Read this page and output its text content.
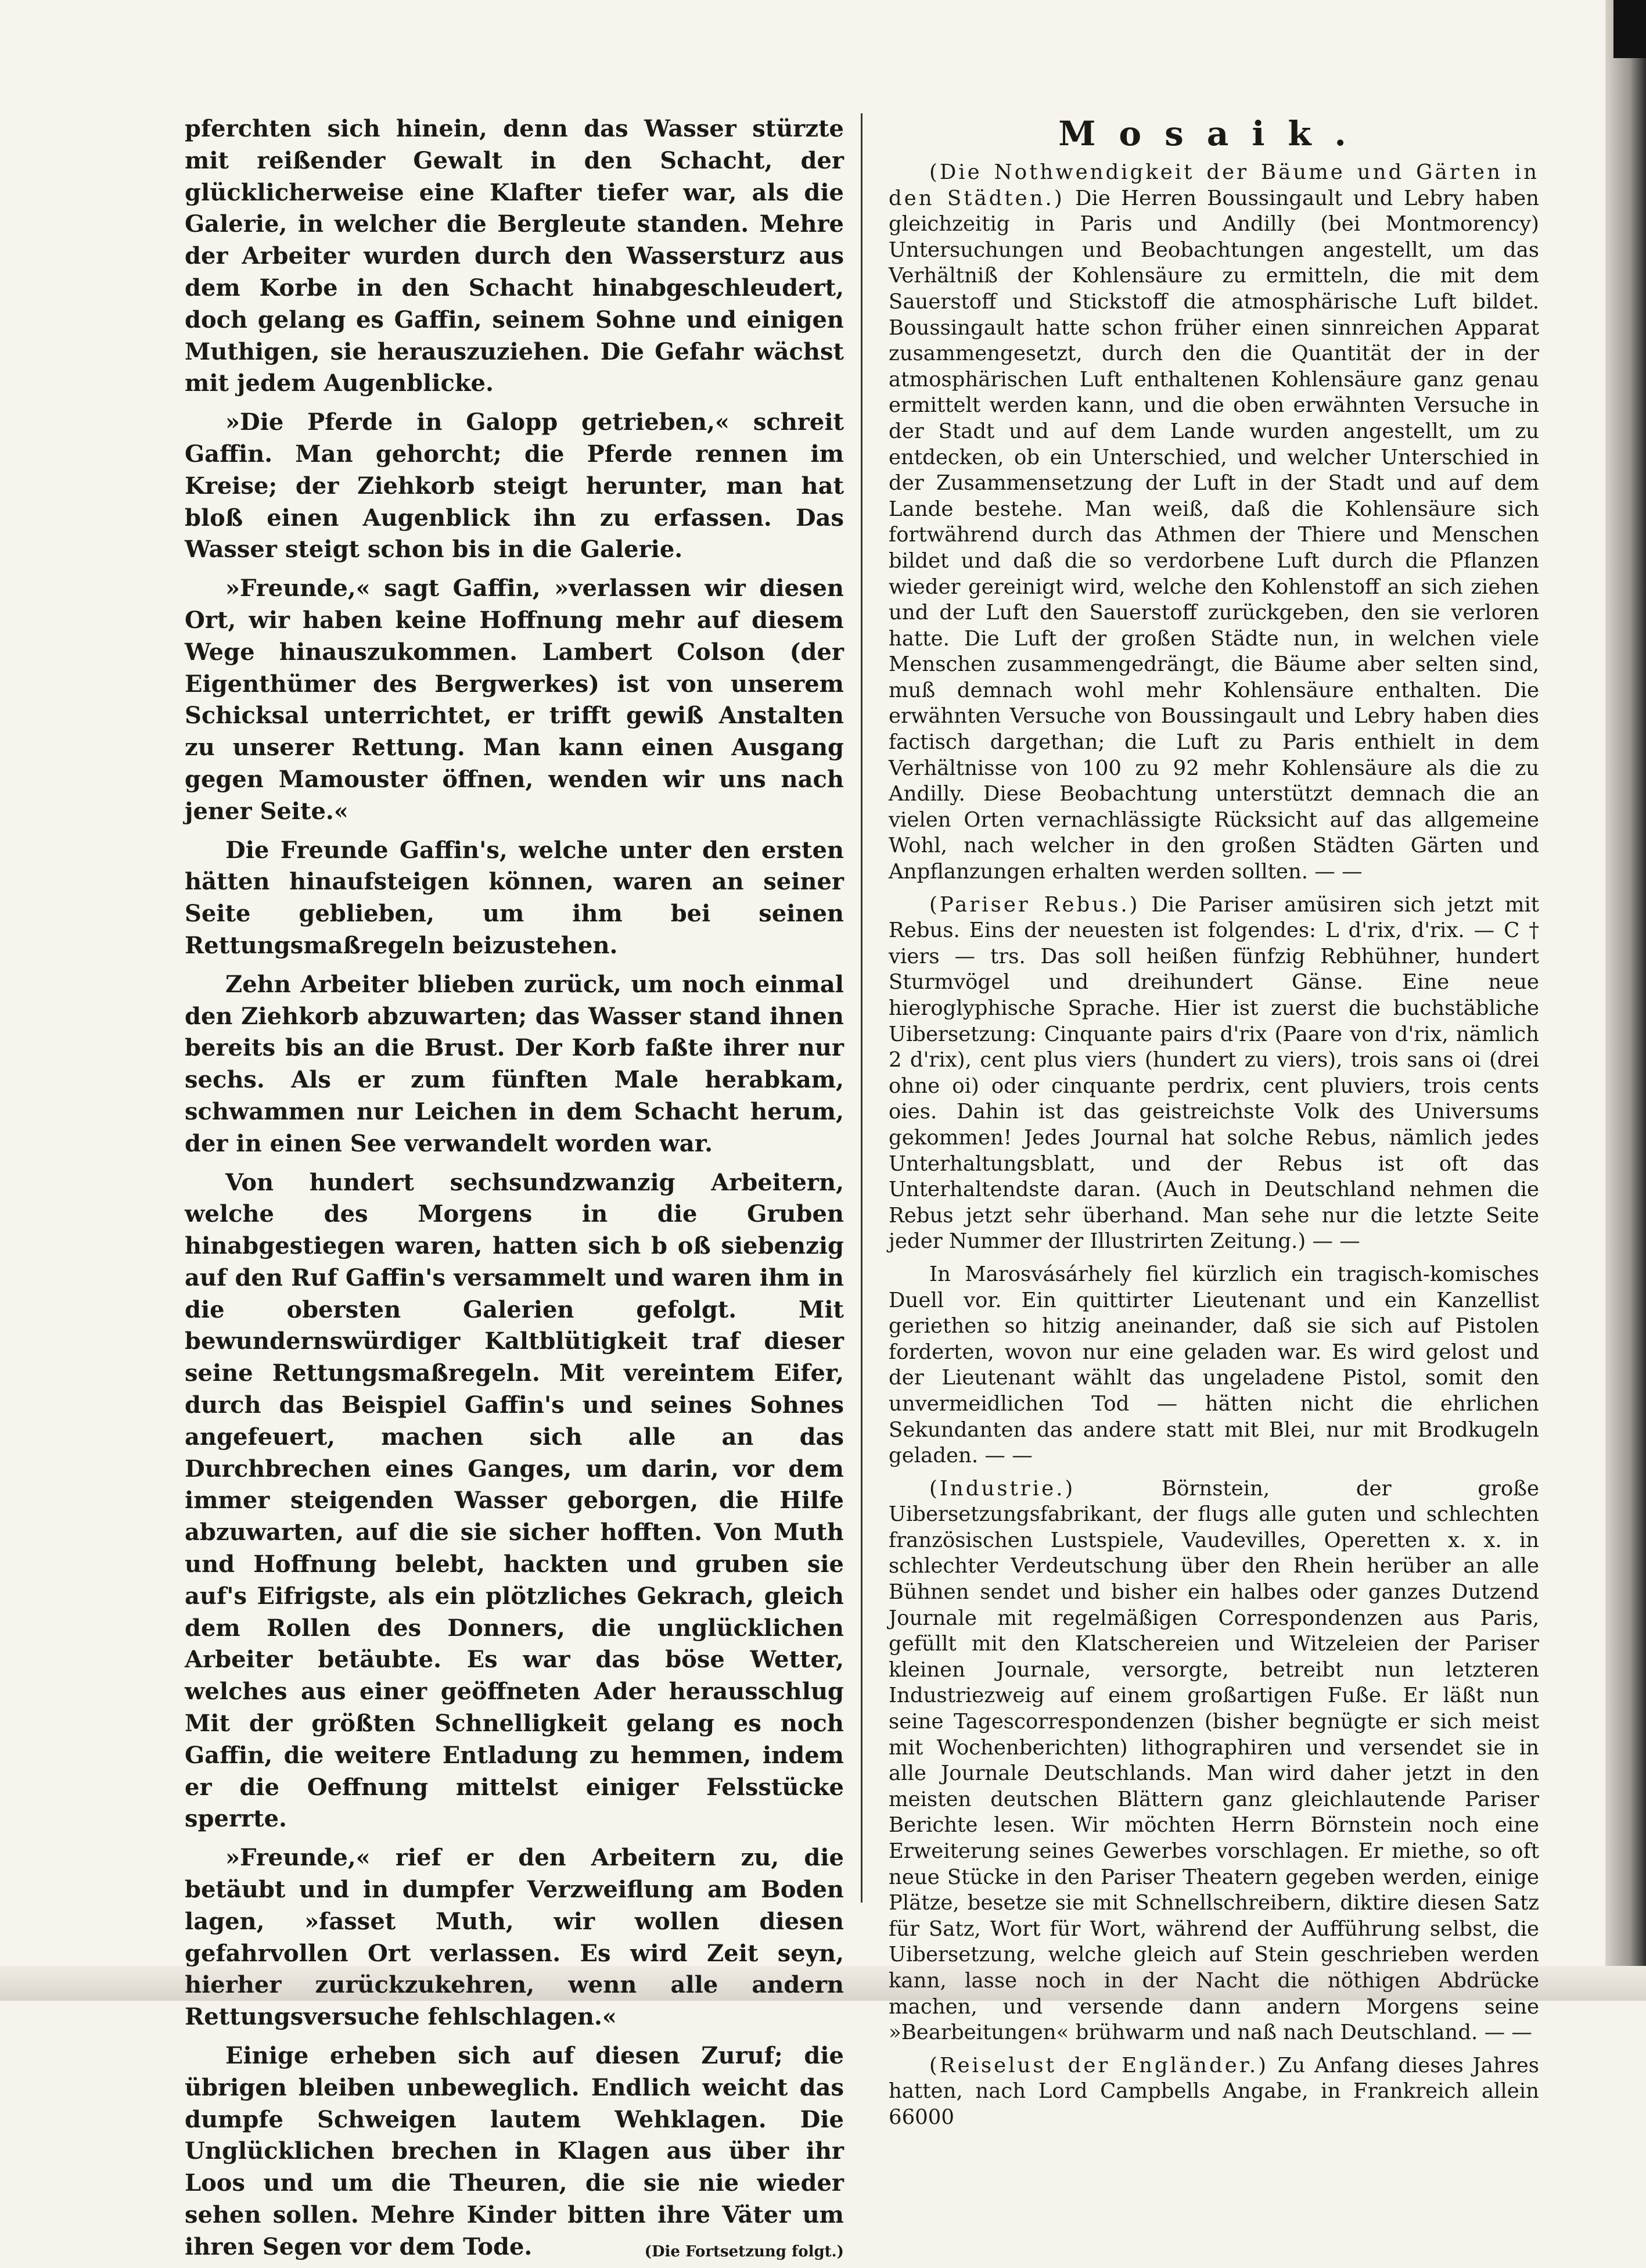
pferchten sich hinein, denn das Wasser stürzte mit reißender Gewalt in den Schacht, der glücklicherweise eine Klafter tiefer war, als die Galerie, in welcher die Bergleute standen. Mehre der Arbeiter wurden durch den Wassersturz aus dem Korbe in den Schacht hinabgeschleudert, doch gelang es Gaffin, seinem Sohne und einigen Muthigen, sie herauszuziehen. Die Gefahr wächst mit jedem Augenblicke.

»Die Pferde in Galopp getrieben,« schreit Gaffin. Man gehorcht; die Pferde rennen im Kreise; der Ziehkorb steigt herunter, man hat bloß einen Augenblick ihn zu erfassen. Das Wasser steigt schon bis in die Galerie.

»Freunde,« sagt Gaffin, »verlassen wir diesen Ort, wir haben keine Hoffnung mehr auf diesem Wege hinauszukommen. Lambert Colson (der Eigenthümer des Bergwerkes) ist von unserem Schicksal unterrichtet, er trifft gewiß Anstalten zu unserer Rettung. Man kann einen Ausgang gegen Mamouster öffnen, wenden wir uns nach jener Seite.«

Die Freunde Gaffin's, welche unter den ersten hätten hinaufsteigen können, waren an seiner Seite geblieben, um ihm bei seinen Rettungsmaßregeln beizustehen.

Zehn Arbeiter blieben zurück, um noch einmal den Ziehkorb abzuwarten; das Wasser stand ihnen bereits bis an die Brust. Der Korb faßte ihrer nur sechs. Als er zum fünften Male herabkam, schwammen nur Leichen in dem Schacht herum, der in einen See verwandelt worden war.

Von hundert sechsundzwanzig Arbeitern, welche des Morgens in die Gruben hinabgestiegen waren, hatten sich b oß siebenzig auf den Ruf Gaffin's versammelt und waren ihm in die obersten Galerien gefolgt. Mit bewundernswürdiger Kaltblütigkeit traf dieser seine Rettungsmaßregeln. Mit vereintem Eifer, durch das Beispiel Gaffin's und seines Sohnes angefeuert, machen sich alle an das Durchbrechen eines Ganges, um darin, vor dem immer steigenden Wasser geborgen, die Hilfe abzuwarten, auf die sie sicher hofften. Von Muth und Hoffnung belebt, hackten und gruben sie auf's Eifrigste, als ein plötzliches Gekrach, gleich dem Rollen des Donners, die unglücklichen Arbeiter betäubte. Es war das böse Wetter, welches aus einer geöffneten Ader herausschlug Mit der größten Schnelligkeit gelang es noch Gaffin, die weitere Entladung zu hemmen, indem er die Oeffnung mittelst einiger Felsstücke sperrte.

»Freunde,« rief er den Arbeitern zu, die betäubt und in dumpfer Verzweiflung am Boden lagen, »fasset Muth, wir wollen diesen gefahrvollen Ort verlassen. Es wird Zeit seyn, hierher zurückzukehren, wenn alle andern Rettungsversuche fehlschlagen.«

Einige erheben sich auf diesen Zuruf; die übrigen bleiben unbeweglich. Endlich weicht das dumpfe Schweigen lautem Wehklagen. Die Unglücklichen brechen in Klagen aus über ihr Loos und um die Theuren, die sie nie wieder sehen sollen. Mehre Kinder bitten ihre Väter um ihren Segen vor dem Tode.	(Die Fortsetzung folgt.)

Mosaik.

(Die Nothwendigkeit der Bäume und Gärten in den Städten.) Die Herren Boussingault und Lebry haben gleichzeitig in Paris und Andilly (bei Montmorency) Untersuchungen und Beobachtungen angestellt, um das Verhältniß der Kohlensäure zu ermitteln, die mit dem Sauerstoff und Stickstoff die atmosphärische Luft bildet. Boussingault hatte schon früher einen sinnreichen Apparat zusammengesetzt, durch den die Quantität der in der atmosphärischen Luft enthaltenen Kohlensäure ganz genau ermittelt werden kann, und die oben erwähnten Versuche in der Stadt und auf dem Lande wurden angestellt, um zu entdecken, ob ein Unterschied, und welcher Unterschied in der Zusammensetzung der Luft in der Stadt und auf dem Lande bestehe. Man weiß, daß die Kohlensäure sich fortwährend durch das Athmen der Thiere und Menschen bildet und daß die so verdorbene Luft durch die Pflanzen wieder gereinigt wird, welche den Kohlenstoff an sich ziehen und der Luft den Sauerstoff zurückgeben, den sie verloren hatte. Die Luft der großen Städte nun, in welchen viele Menschen zusammengedrängt, die Bäume aber selten sind, muß demnach wohl mehr Kohlensäure enthalten. Die erwähnten Versuche von Boussingault und Lebry haben dies factisch dargethan; die Luft zu Paris enthielt in dem Verhältnisse von 100 zu 92 mehr Kohlensäure als die zu Andilly. Diese Beobachtung unterstützt demnach die an vielen Orten vernachlässigte Rücksicht auf das allgemeine Wohl, nach welcher in den großen Städten Gärten und Anpflanzungen erhalten werden sollten. — —

(Pariser Rebus.) Die Pariser amüsiren sich jetzt mit Rebus. Eins der neuesten ist folgendes: L d'rix, d'rix. — C † viers — trs. Das soll heißen fünfzig Rebhühner, hundert Sturmvögel und dreihundert Gänse. Eine neue hieroglyphische Sprache. Hier ist zuerst die buchstäbliche Uibersetzung: Cinquante pairs d'rix (Paare von d'rix, nämlich 2 d'rix), cent plus viers (hundert zu viers), trois sans oi (drei ohne oi) oder cinquante perdrix, cent pluviers, trois cents oies. Dahin ist das geistreichste Volk des Universums gekommen! Jedes Journal hat solche Rebus, nämlich jedes Unterhaltungsblatt, und der Rebus ist oft das Unterhaltendste daran. (Auch in Deutschland nehmen die Rebus jetzt sehr überhand. Man sehe nur die letzte Seite jeder Nummer der Illustrirten Zeitung.) — —

In Marosvásárhely fiel kürzlich ein tragisch-komisches Duell vor. Ein quittirter Lieutenant und ein Kanzellist geriethen so hitzig aneinander, daß sie sich auf Pistolen forderten, wovon nur eine geladen war. Es wird gelost und der Lieutenant wählt das ungeladene Pistol, somit den unvermeidlichen Tod — hätten nicht die ehrlichen Sekundanten das andere statt mit Blei, nur mit Brodkugeln geladen. — —

(Industrie.)	Börnstein, der große Uibersetzungsfabrikant, der flugs alle guten und schlechten französischen Lustspiele, Vaudevilles, Operetten x. x. in schlechter Verdeutschung über den Rhein herüber an alle Bühnen sendet und bisher ein halbes oder ganzes Dutzend Journale mit regelmäßigen Correspondenzen aus Paris, gefüllt mit den Klatschereien und Witzeleien der Pariser kleinen Journale, versorgte, betreibt nun letzteren Industriezweig auf einem großartigen Fuße. Er läßt nun seine Tagescorrespondenzen (bisher begnügte er sich meist mit Wochenberichten) lithographiren und versendet sie in alle Journale Deutschlands. Man wird daher jetzt in den meisten deutschen Blättern ganz gleichlautende Pariser Berichte lesen. Wir möchten Herrn Börnstein noch eine Erweiterung seines Gewerbes vorschlagen. Er miethe, so oft neue Stücke in den Pariser Theatern gegeben werden, einige Plätze, besetze sie mit Schnellschreibern, diktire diesen Satz für Satz, Wort für Wort, während der Aufführung selbst, die Uibersetzung, welche gleich auf Stein geschrieben werden kann, lasse noch in der Nacht die nöthigen Abdrücke machen, und versende dann andern Morgens seine »Bearbeitungen« brühwarm und naß nach Deutschland. — —

(Reiselust der Engländer.) Zu Anfang dieses Jahres hatten, nach Lord Campbells Angabe, in Frankreich allein 66000
